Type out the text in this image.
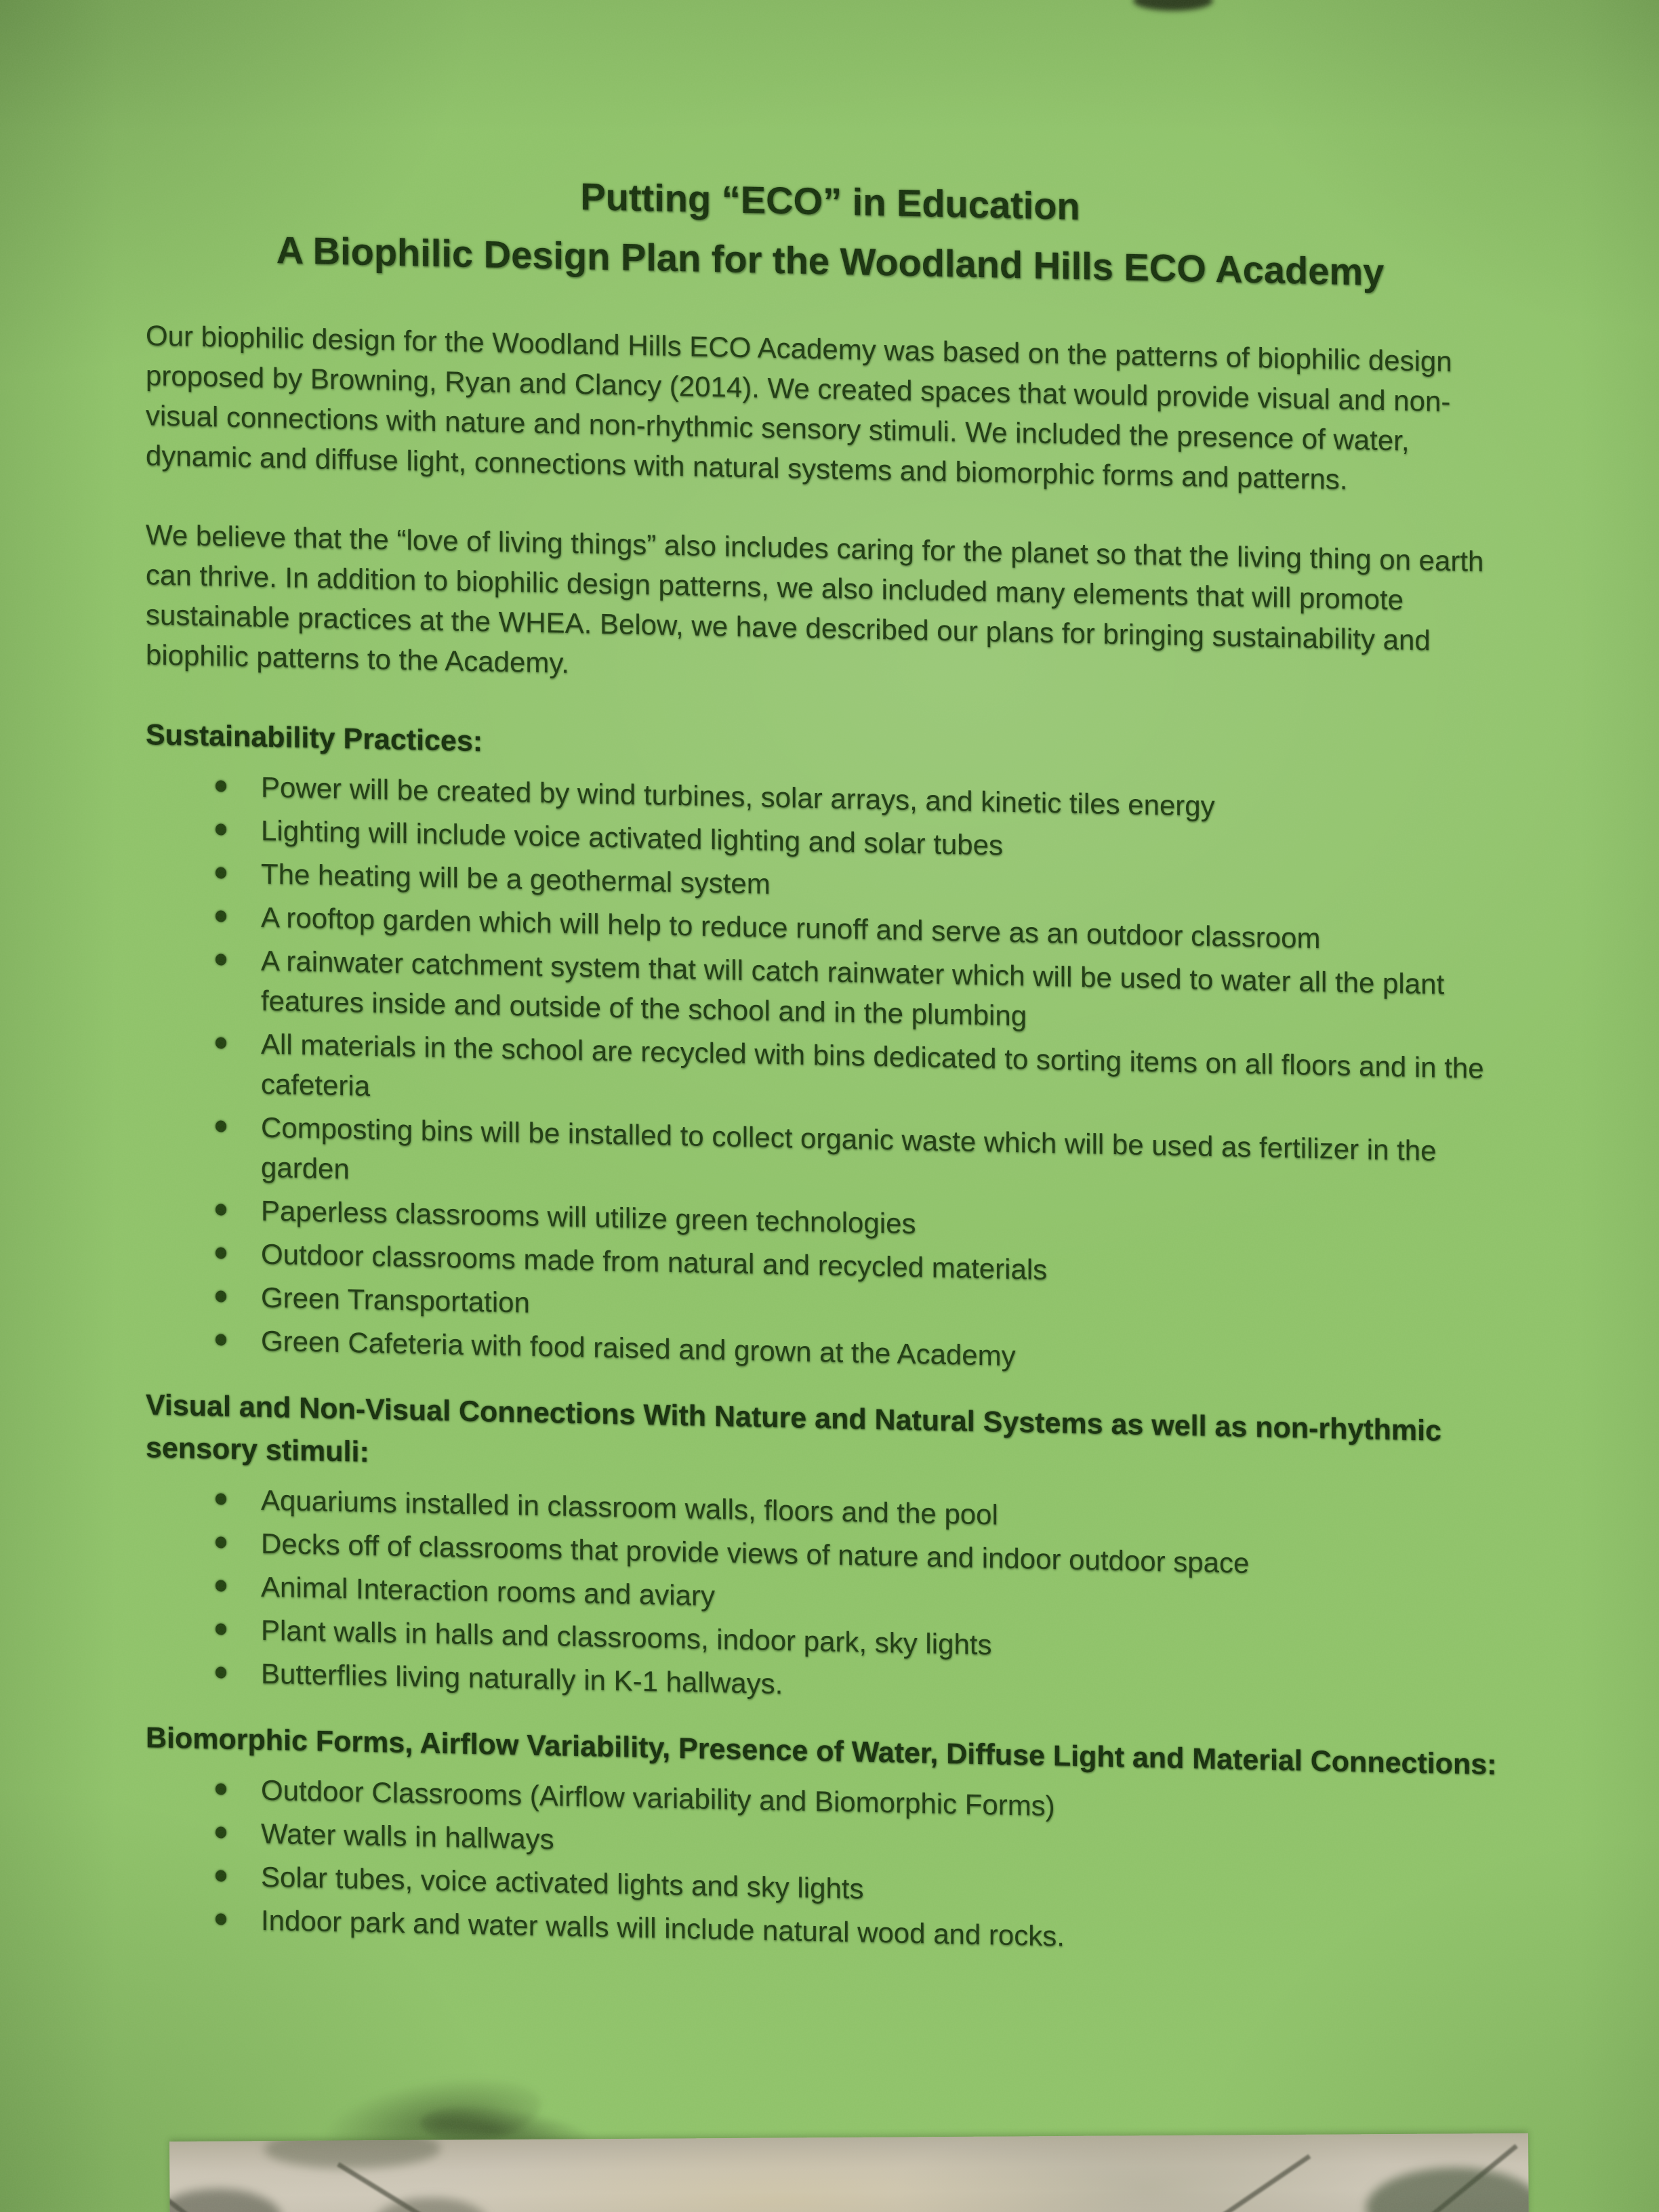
Putting “ECO” in Education
A Biophilic Design Plan for the Woodland Hills ECO Academy

Our biophilic design for the Woodland Hills ECO Academy was based on the patterns of biophilic design proposed by Browning, Ryan and Clancy (2014). We created spaces that would provide visual and non-visual connections with nature and non-rhythmic sensory stimuli. We included the presence of water, dynamic and diffuse light, connections with natural systems and biomorphic forms and patterns.

We believe that the “love of living things” also includes caring for the planet so that the living thing on earth can thrive. In addition to biophilic design patterns, we also included many elements that will promote sustainable practices at the WHEA. Below, we have described our plans for bringing sustainability and biophilic patterns to the Academy.

Sustainability Practices:
Power will be created by wind turbines, solar arrays, and kinetic tiles energy
Lighting will include voice activated lighting and solar tubes
The heating will be a geothermal system
A rooftop garden which will help to reduce runoff and serve as an outdoor classroom
A rainwater catchment system that will catch rainwater which will be used to water all the plant features inside and outside of the school and in the plumbing
All materials in the school are recycled with bins dedicated to sorting items on all floors and in the cafeteria
Composting bins will be installed to collect organic waste which will be used as fertilizer in the garden
Paperless classrooms will utilize green technologies
Outdoor classrooms made from natural and recycled materials
Green Transportation
Green Cafeteria with food raised and grown at the Academy
Visual and Non-Visual Connections With Nature and Natural Systems as well as non-rhythmic sensory stimuli:
Aquariums installed in classroom walls, floors and the pool
Decks off of classrooms that provide views of nature and indoor outdoor space
Animal Interaction rooms and aviary
Plant walls in halls and classrooms, indoor park, sky lights
Butterflies living naturally in K-1 hallways.
Biomorphic Forms, Airflow Variability, Presence of Water, Diffuse Light and Material Connections:
Outdoor Classrooms (Airflow variability and Biomorphic Forms)
Water walls in hallways
Solar tubes, voice activated lights and sky lights
Indoor park and water walls will include natural wood and rocks.
